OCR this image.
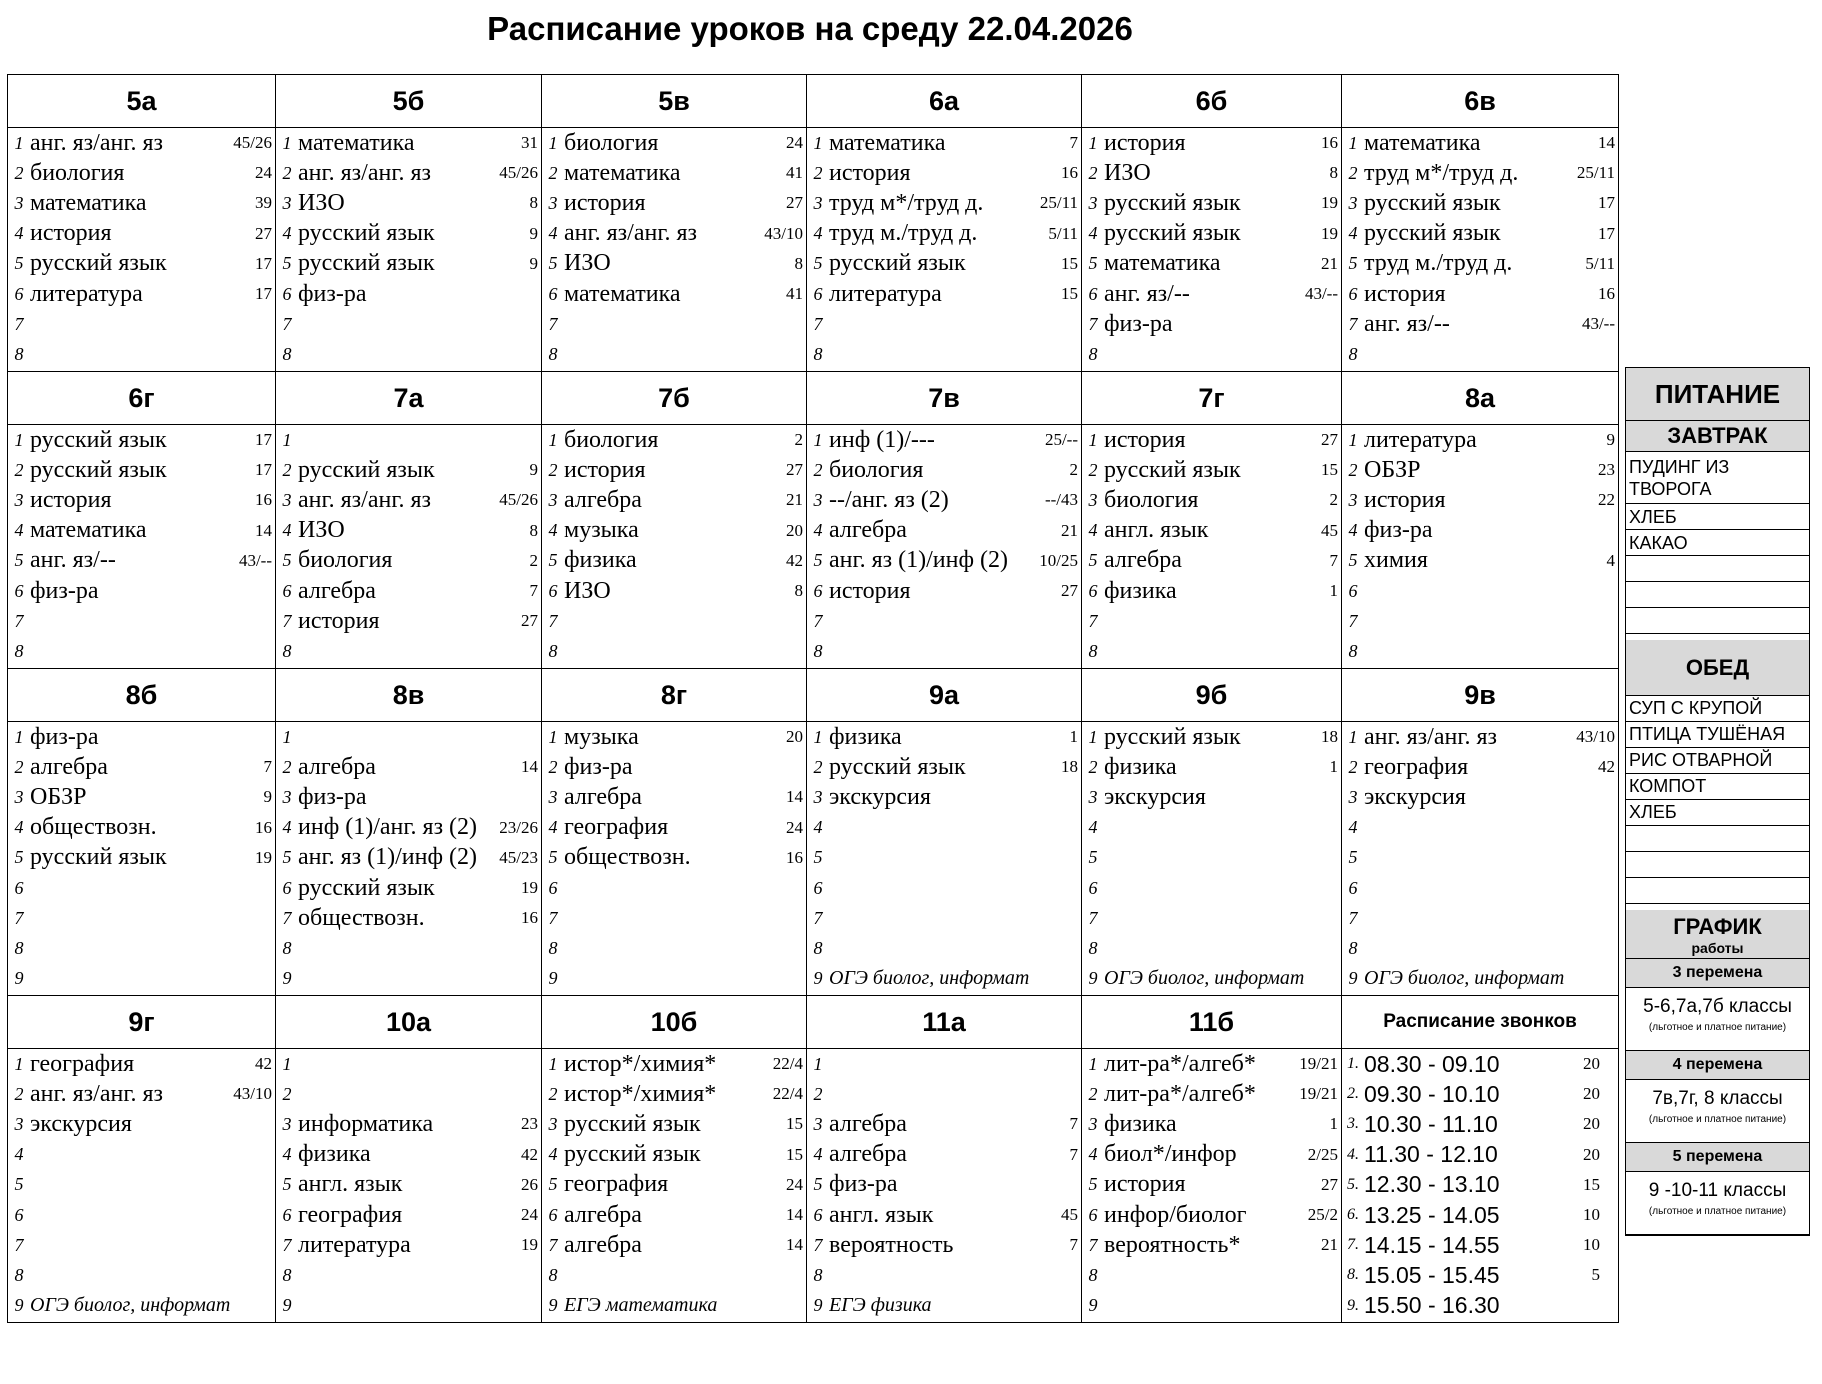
Расписание уроков на среду 22.04.2026
5а
1 анг. яз/анг. яз	45/26
2 биология	24
3 математика	39
4 история	27
5 русский язык	17
6 литература	17
7
8
5б
1 математика	31
2 анг. яз/анг. яз	45/26
3 ИЗО	8
4 русский язык	9
5 русский язык	9
6 физ-ра
7
8
5в
1 биология	24
2 математика	41
3 история	27
4 анг. яз/анг. яз	43/10
5 ИЗО	8
6 математика	41
7
8
6а
1 математика	7
2 история	16
3 труд м*/труд д.	25/11
4 труд м./труд д.	5/11
5 русский язык	15
6 литература	15
7
8
6б
1 история	16
2 ИЗО	8
3 русский язык	19
4 русский язык	19
5 математика	21
6 анг. яз/--	43/--
7 физ-ра
8
6в
1 математика	14
2 труд м*/труд д.	25/11
3 русский язык	17
4 русский язык	17
5 труд м./труд д.	5/11
6 история	16
7 анг. яз/--	43/--
8
6г
1 русский язык	17
2 русский язык	17
3 история	16
4 математика	14
5 анг. яз/--	43/--
6 физ-ра
7
8
7а
1
2 русский язык	9
3 анг. яз/анг. яз	45/26
4 ИЗО	8
5 биология	2
6 алгебра	7
7 история	27
8
7б
1 биология	2
2 история	27
3 алгебра	21
4 музыка	20
5 физика	42
6 ИЗО	8
7
8
7в
1 инф (1)/---	25/--
2 биология	2
3 --/анг. яз (2)	--/43
4 алгебра	21
5 анг. яз (1)/инф (2)	10/25
6 история	27
7
8
7г
1 история	27
2 русский язык	15
3 биология	2
4 англ. язык	45
5 алгебра	7
6 физика	1
7
8
8а
1 литература	9
2 ОБЗР	23
3 история	22
4 физ-ра
5 химия	4
6
7
8
8б
1 физ-ра
2 алгебра	7
3 ОБЗР	9
4 обществозн.	16
5 русский язык	19
6
7
8
9
8в
1
2 алгебра	14
3 физ-ра
4 инф (1)/анг. яз (2)	23/26
5 анг. яз (1)/инф (2)	45/23
6 русский язык	19
7 обществозн.	16
8
9
8г
1 музыка	20
2 физ-ра
3 алгебра	14
4 география	24
5 обществозн.	16
6
7
8
9
9а
1 физика	1
2 русский язык	18
3 экскурсия
4
5
6
7
8
9 ОГЭ биолог, информат
9б
1 русский язык	18
2 физика	1
3 экскурсия
4
5
6
7
8
9 ОГЭ биолог, информат
9в
1 анг. яз/анг. яз	43/10
2 география	42
3 экскурсия
4
5
6
7
8
9 ОГЭ биолог, информат
9г
1 география	42
2 анг. яз/анг. яз	43/10
3 экскурсия
4
5
6
7
8
9 ОГЭ биолог, информат
10а
1
2
3 информатика	23
4 физика	42
5 англ. язык	26
6 география	24
7 литература	19
8
9
10б
1 истор*/химия*	22/4
2 истор*/химия*	22/4
3 русский язык	15
4 русский язык	15
5 география	24
6 алгебра	14
7 алгебра	14
8
9 ЕГЭ математика
11а
1
2
3 алгебра	7
4 алгебра	7
5 физ-ра
6 англ. язык	45
7 вероятность	7
8
9 ЕГЭ физика
11б
1 лит-ра*/алгеб*	19/21
2 лит-ра*/алгеб*	19/21
3 физика	1
4 биол*/инфор	2/25
5 история	27
6 инфор/биолог	25/2
7 вероятность*	21
8
9
Расписание звонков
1. 08.30 - 09.10	20
2. 09.30 - 10.10	20
3. 10.30 - 11.10	20
4. 11.30 - 12.10	20
5. 12.30 - 13.10	15
6. 13.25 - 14.05	10
7. 14.15 - 14.55	10
8. 15.05 - 15.45	5
9. 15.50 - 16.30
ПИТАНИЕ
ЗАВТРАК
ПУДИНГ ИЗ ТВОРОГА
ХЛЕБ
КАКАО
ОБЕД
СУП С КРУПОЙ
ПТИЦА ТУШЁНАЯ
РИС ОТВАРНОЙ
КОМПОТ
ХЛЕБ
ГРАФИК
работы
3 перемена
5-6,7а,7б классы
(льготное и платное питание)
4 перемена
7в,7г, 8 классы
(льготное и платное питание)
5 перемена
9 -10-11 классы
(льготное и платное питание)
